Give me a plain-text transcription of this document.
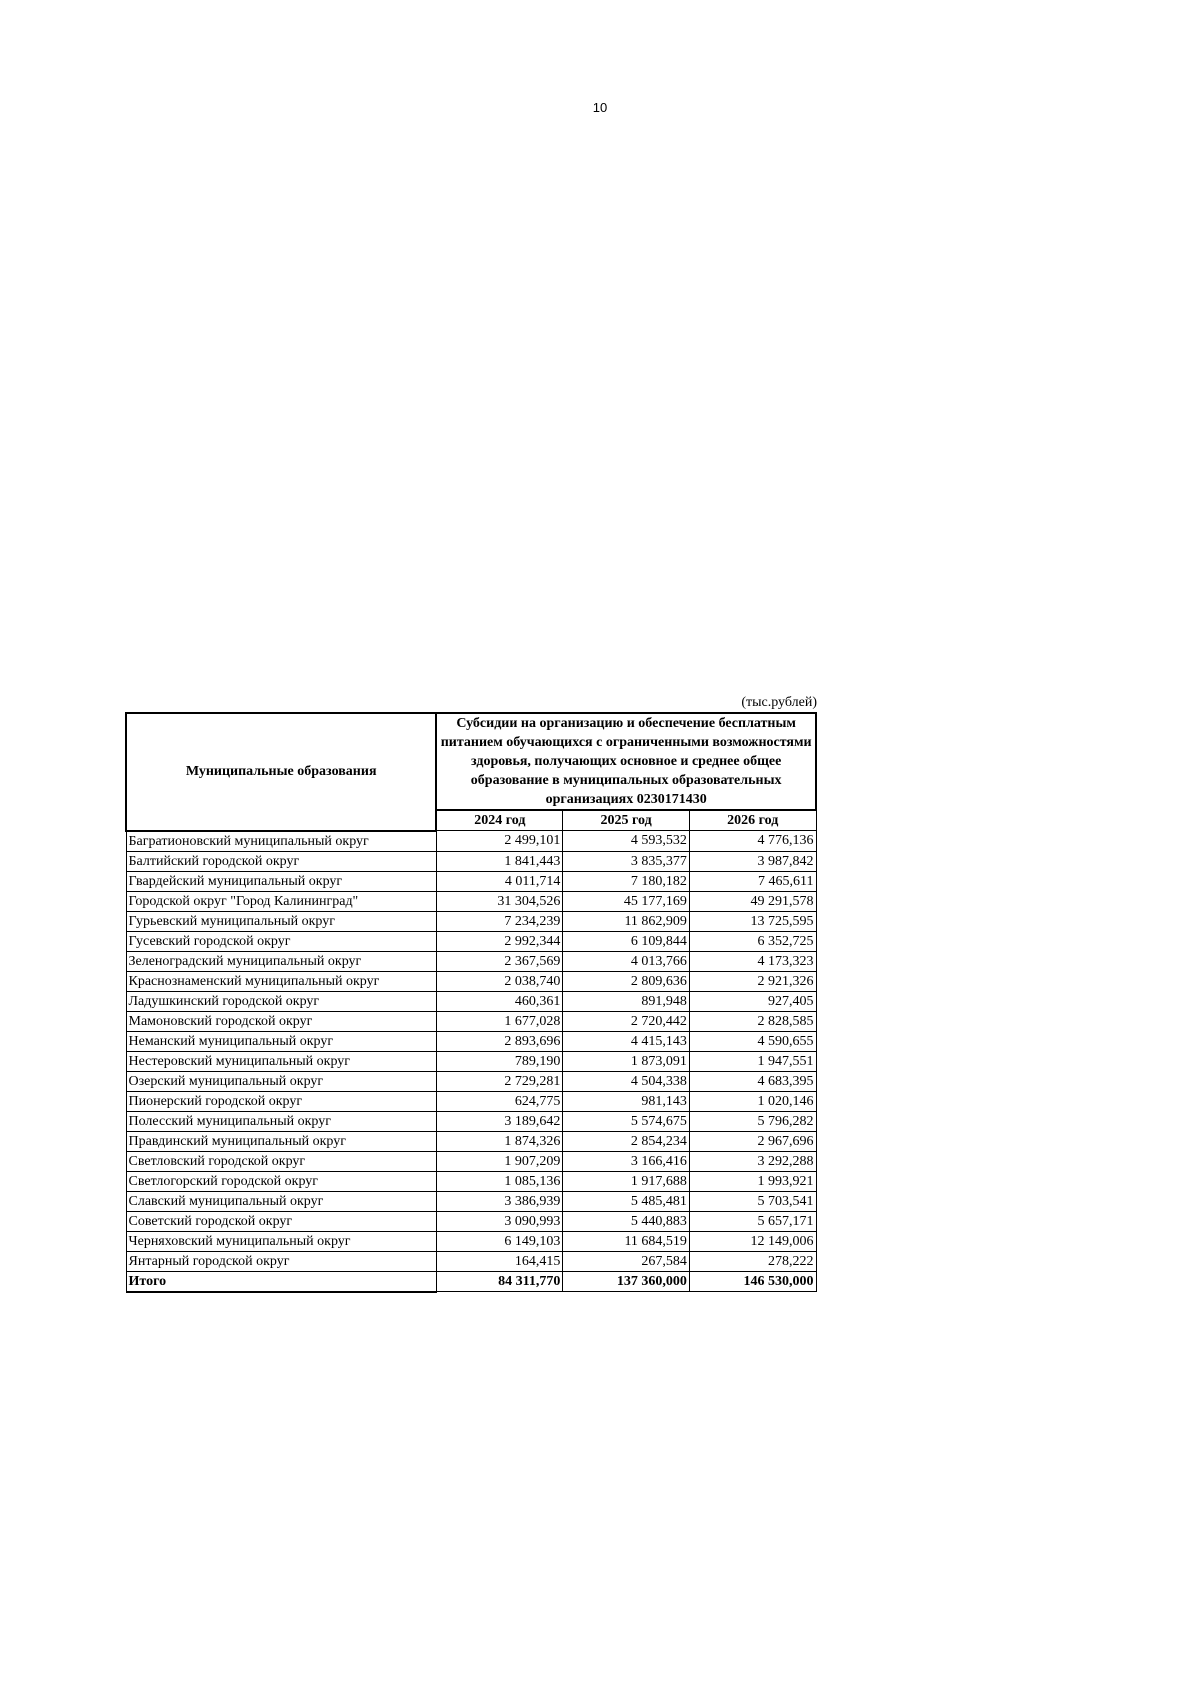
10
(тыс.рублей)
Муниципальные образования	Субсидии на организацию и обеспечение бесплатным питанием обучающихся с ограниченными возможностями здоровья, получающих основное и среднее общее образование в муниципальных образовательных организациях 0230171430		
	2024 год	2025 год	2026 год
Багратионовский муниципальный округ	2 499,101	4 593,532	4 776,136
Балтийский городской округ	1 841,443	3 835,377	3 987,842
Гвардейский муниципальный округ	4 011,714	7 180,182	7 465,611
Городской округ "Город Калининград"	31 304,526	45 177,169	49 291,578
Гурьевский муниципальный округ	7 234,239	11 862,909	13 725,595
Гусевский городской округ	2 992,344	6 109,844	6 352,725
Зеленоградский муниципальный округ	2 367,569	4 013,766	4 173,323
Краснознаменский муниципальный округ	2 038,740	2 809,636	2 921,326
Ладушкинский городской округ	460,361	891,948	927,405
Мамоновский городской округ	1 677,028	2 720,442	2 828,585
Неманский муниципальный округ	2 893,696	4 415,143	4 590,655
Нестеровский муниципальный округ	789,190	1 873,091	1 947,551
Озерский муниципальный округ	2 729,281	4 504,338	4 683,395
Пионерский городской округ	624,775	981,143	1 020,146
Полесский муниципальный округ	3 189,642	5 574,675	5 796,282
Правдинский муниципальный округ	1 874,326	2 854,234	2 967,696
Светловский городской округ	1 907,209	3 166,416	3 292,288
Светлогорский городской округ	1 085,136	1 917,688	1 993,921
Славский муниципальный округ	3 386,939	5 485,481	5 703,541
Советский городской округ	3 090,993	5 440,883	5 657,171
Черняховский муниципальный округ	6 149,103	11 684,519	12 149,006
Янтарный городской округ	164,415	267,584	278,222
Итого	84 311,770	137 360,000	146 530,000
